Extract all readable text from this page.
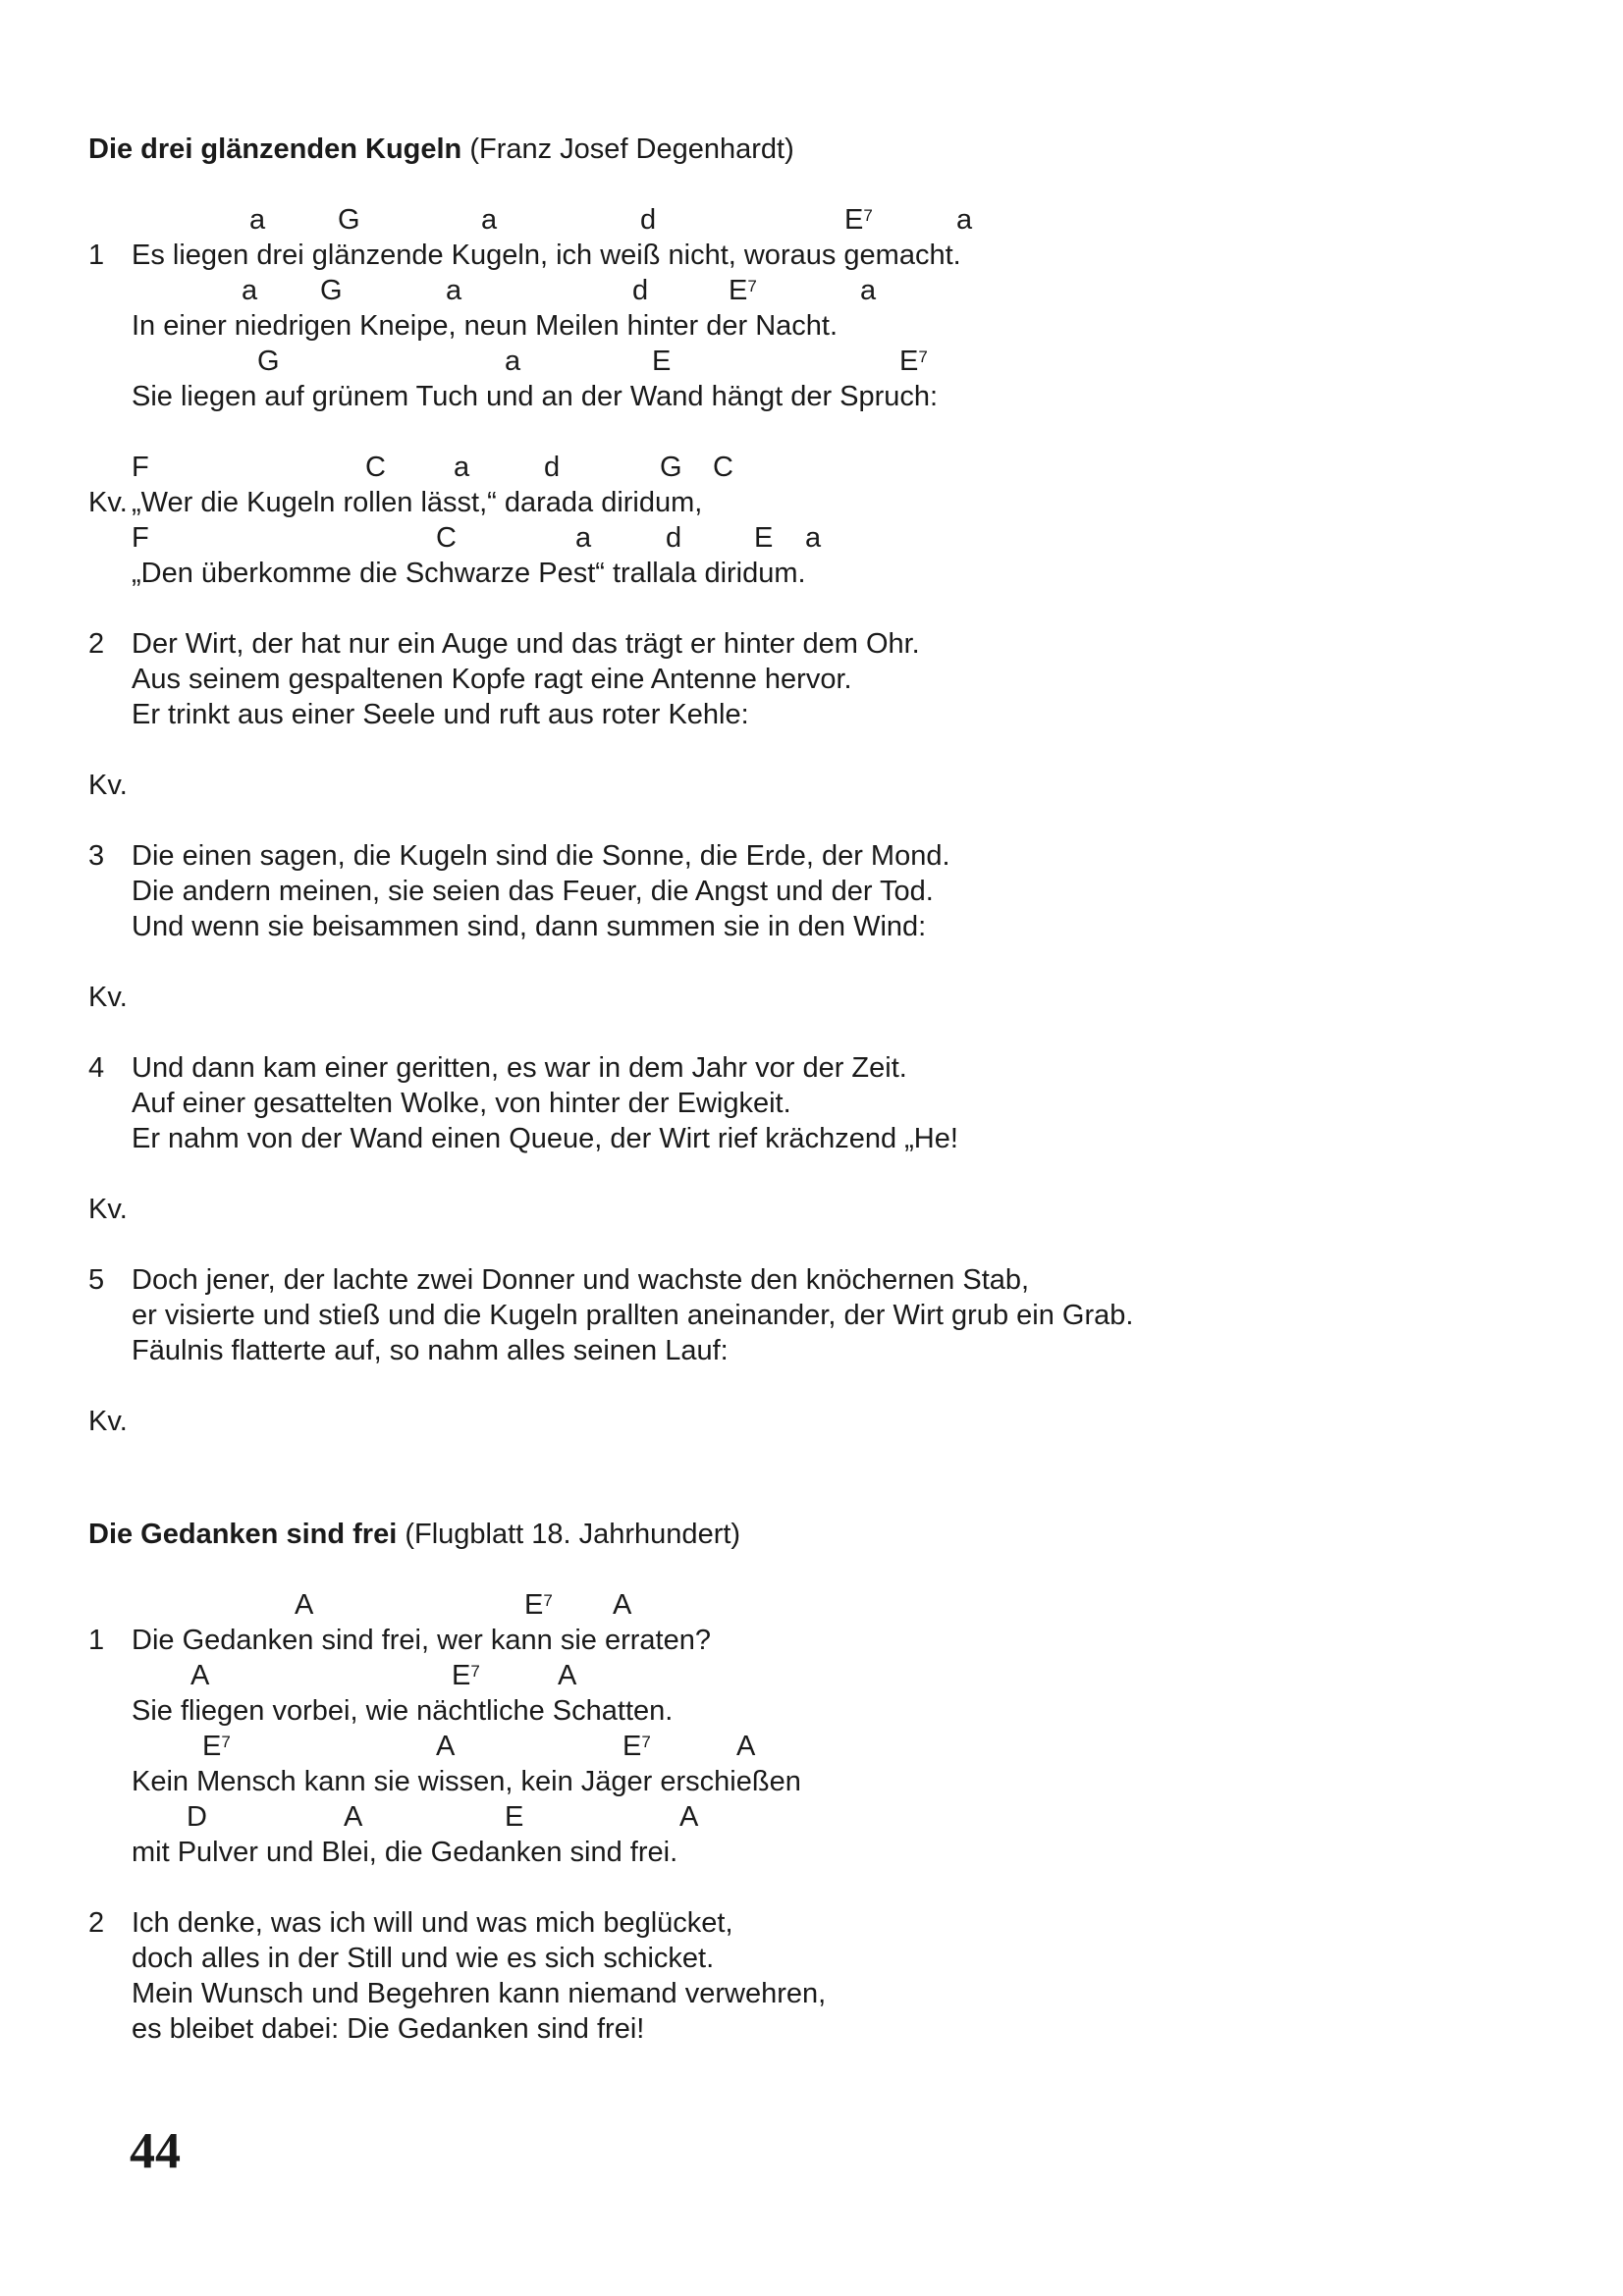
Die drei glänzenden Kugeln (Franz Josef Degenhardt)
1
a	G	a	d	$E^7$	a
Es liegen drei glänzende Kugeln, ich weiß nicht, woraus gemacht.
a G	a	d	$E^7$	a
In einer niedrigen Kneipe, neun Meilen hinter der Nacht.
G	a	E	$E^7$
Sie liegen auf grünem Tuch und an der Wand hängt der Spruch:
Kv.
F	C a	d	G C
„Wer die Kugeln rollen lässt,“ darada diridum,
F	C	a	d	E a
„Den überkomme die Schwarze Pest“ trallala diridum.
2 Der Wirt, der hat nur ein Auge und das trägt er hinter dem Ohr.
Aus seinem gespaltenen Kopfe ragt eine Antenne hervor.
Er trinkt aus einer Seele und ruft aus roter Kehle:
Kv.
3 Die einen sagen, die Kugeln sind die Sonne, die Erde, der Mond.
Die andern meinen, sie seien das Feuer, die Angst und der Tod.
Und wenn sie beisammen sind, dann summen sie in den Wind:
Kv.
4 Und dann kam einer geritten, es war in dem Jahr vor der Zeit.
Auf einer gesattelten Wolke, von hinter der Ewigkeit.
Er nahm von der Wand einen Queue, der Wirt rief krächzend „He!
Kv.
5 Doch jener, der lachte zwei Donner und wachste den knöchernen Stab,
er visierte und stieß und die Kugeln prallten aneinander, der Wirt grub ein Grab.
Fäulnis flatterte auf, so nahm alles seinen Lauf:
Kv.
Die Gedanken sind frei (Flugblatt 18. Jahrhundert)
1
A	$E^7$ A
Die Gedanken sind frei, wer kann sie erraten?
A	$E^7$	A
Sie fliegen vorbei, wie nächtliche Schatten.
$E^7$	A	$E^7$	A
Kein Mensch kann sie wissen, kein Jäger erschießen
D	A	E	A
mit Pulver und Blei, die Gedanken sind frei.
2 Ich denke, was ich will und was mich beglücket,
doch alles in der Still und wie es sich schicket.
Mein Wunsch und Begehren kann niemand verwehren,
es bleibet dabei: Die Gedanken sind frei!
44
